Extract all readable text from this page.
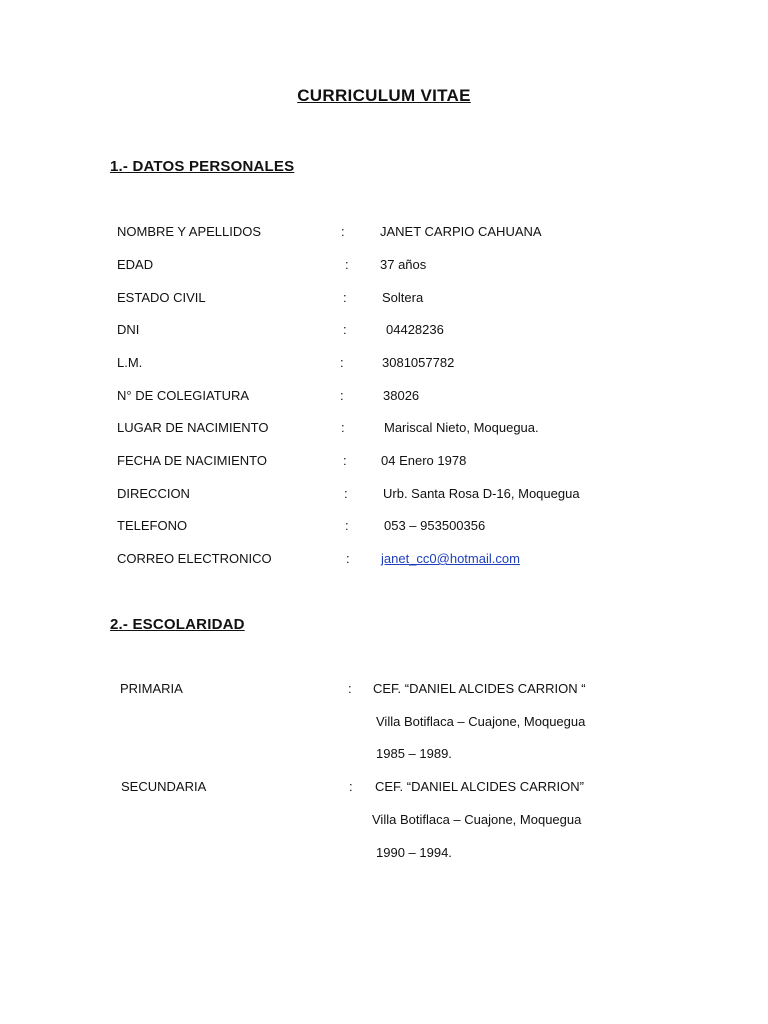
CURRICULUM VITAE
1.- DATOS PERSONALES
NOMBRE Y APELLIDOS	:	JANET CARPIO CAHUANA
EDAD	: 37 años
ESTADO CIVIL	:	Soltera
DNI	:	04428236
L.M.	:	3081057782
N° DE COLEGIATURA	:	38026
LUGAR DE NACIMIENTO	:	Mariscal Nieto, Moquegua.
FECHA DE NACIMIENTO	:	04 Enero 1978
DIRECCION	:	Urb. Santa Rosa D-16, Moquegua
TELEFONO	:	053 – 953500356
CORREO ELECTRONICO	: janet_cc0@hotmail.com
2.- ESCOLARIDAD
PRIMARIA	: CEF. “DANIEL ALCIDES CARRION “
Villa Botiflaca – Cuajone, Moquegua
1985 – 1989.
SECUNDARIA	: CEF. “DANIEL ALCIDES CARRION”
Villa Botiflaca – Cuajone, Moquegua
1990 – 1994.
